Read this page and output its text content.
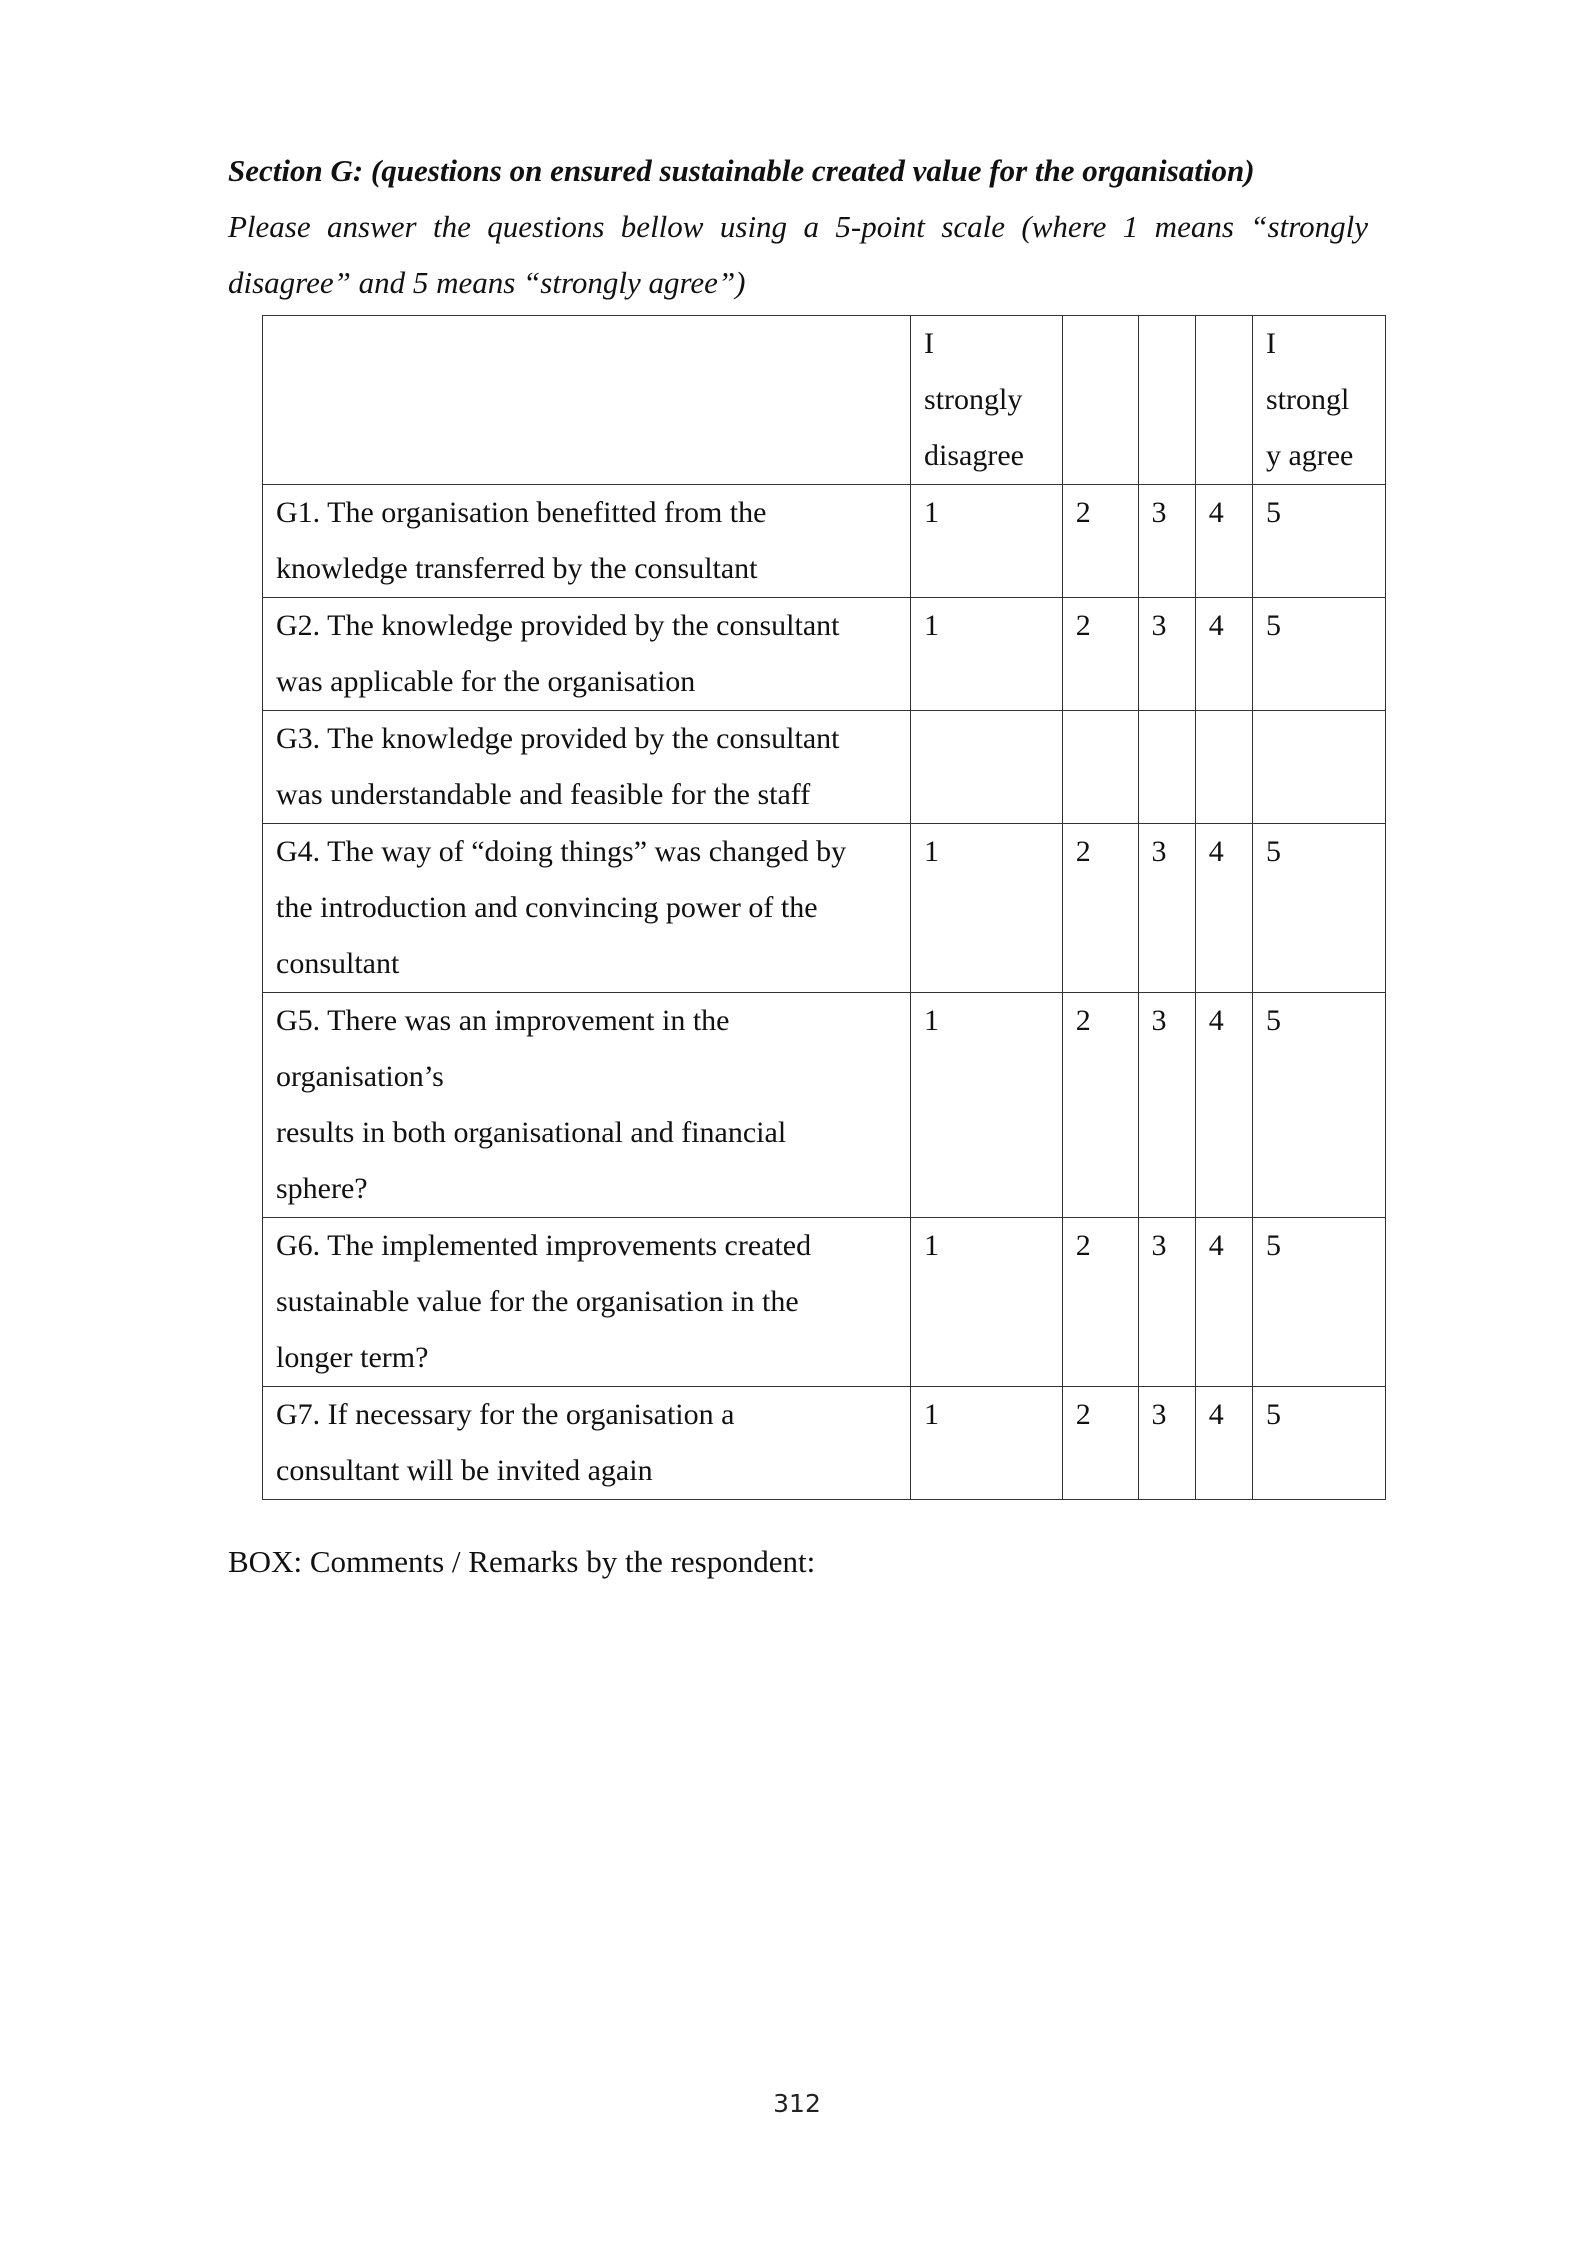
Section G: (questions on ensured sustainable created value for the organisation)

Please answer the questions bellow using a 5-point scale (where 1 means “strongly disagree” and 5 means “strongly agree”)

	I
strongly
disagree				I
strongl
y agree

G1. The organisation benefitted from the
knowledge transferred by the consultant	1	2	3	4	5

G2. The knowledge provided by the consultant
was applicable for the organisation	1	2	3	4	5

G3. The knowledge provided by the consultant
was understandable and feasible for the staff					

G4. The way of “doing things” was changed by
the introduction and convincing power of the
consultant	1	2	3	4	5

G5. There was an improvement in the
organisation’s
results in both organisational and financial
sphere?	1	2	3	4	5

G6. The implemented improvements created
sustainable value for the organisation in the
longer term?	1	2	3	4	5

G7. If necessary for the organisation a
consultant will be invited again	1	2	3	4	5

BOX: Comments / Remarks by the respondent:

312
